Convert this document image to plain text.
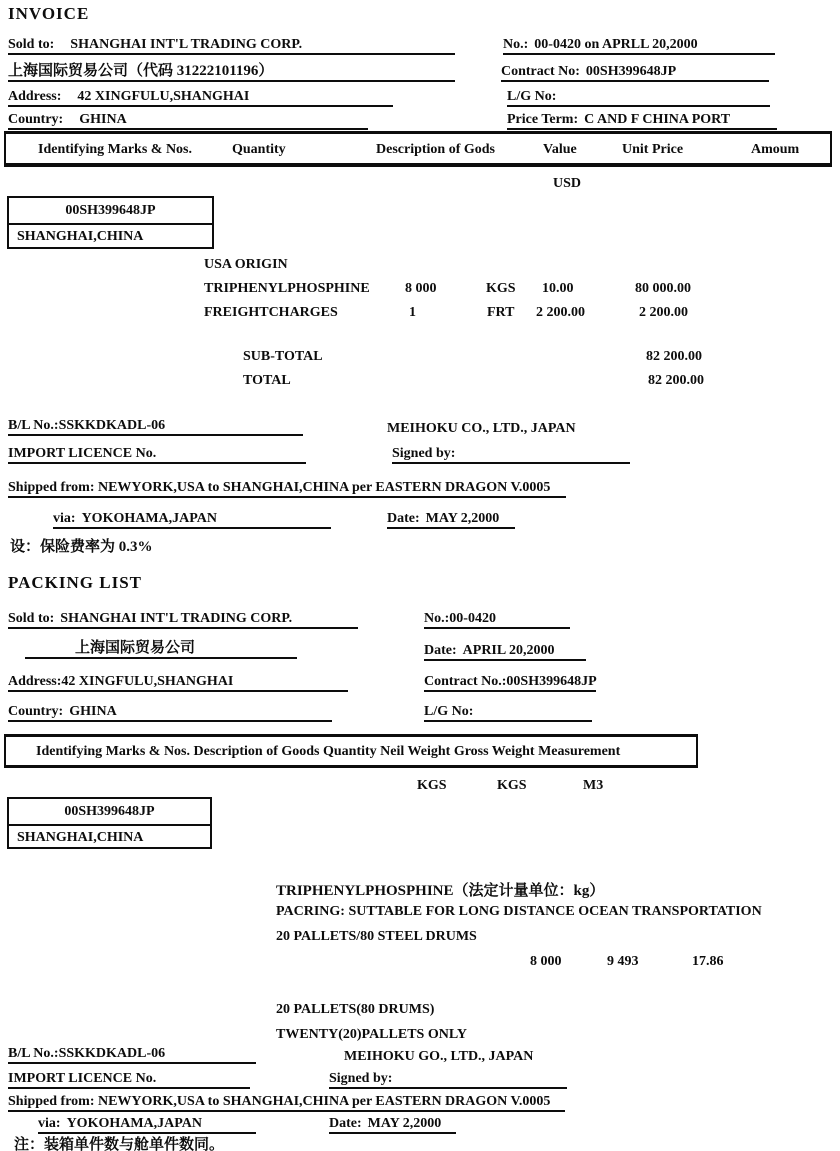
INVOICE
Sold to: SHANGHAI INT'L TRADING CORP.
上海国际贸易公司（代码 31222101196）
Address: 42 XINGFULU,SHANGHAI
Country: GHINA
No.: 00-0420 on APRLL 20,2000
Contract No: 00SH399648JP
L/G No:
Price Term: C AND F CHINA PORT
Identifying Marks & Nos.	Quantity	Description of Gods	Value	Unit Price	Amoum
USD
00SH399648JP
SHANGHAI,CHINA
USA ORIGIN
TRIPHENYLPHOSPHINE	8 000	KGS 10.00	80 000.00
FREIGHTCHARGES	1	FRT 2 200.00	2 200.00
SUB-TOTAL	82 200.00
TOTAL	82 200.00
B/L No.:SSKKDKADL-06	MEIHOKU CO., LTD., JAPAN
IMPORT LICENCE No.	Signed by:
Shipped from: NEWYORK,USA to SHANGHAI,CHINA per EASTERN DRAGON V.0005
via: YOKOHAMA,JAPAN	Date: MAY 2,2000
设：保险费率为 0.3%
PACKING LIST
Sold to: SHANGHAI INT'L TRADING CORP.
上海国际贸易公司
Address: 42 XINGFULU,SHANGHAI
Country: GHINA
No.: 00-0420
Date: APRIL 20,2000
Contract No.: 00SH399648JP
L/G No:
Identifying Marks & Nos. Description of Goods Quantity Neil Weight Gross Weight Measurement
KGS	KGS	M3
00SH399648JP
SHANGHAI,CHINA
TRIPHENYLPHOSPHINE（法定计量单位：kg）
PACRING: SUTTABLE FOR LONG DISTANCE OCEAN TRANSPORTATION
20 PALLETS/80 STEEL DRUMS
8 000	9 493	17.86
20 PALLETS(80 DRUMS)
TWENTY(20)PALLETS ONLY
B/L No.:SSKKDKADL-06	MEIHOKU GO., LTD., JAPAN
IMPORT LICENCE No.	Signed by:
Shipped from: NEWYORK,USA to SHANGHAI,CHINA per EASTERN DRAGON V.0005
via: YOKOHAMA,JAPAN	Date: MAY 2,2000
注：装箱单件数与舱单件数同。
